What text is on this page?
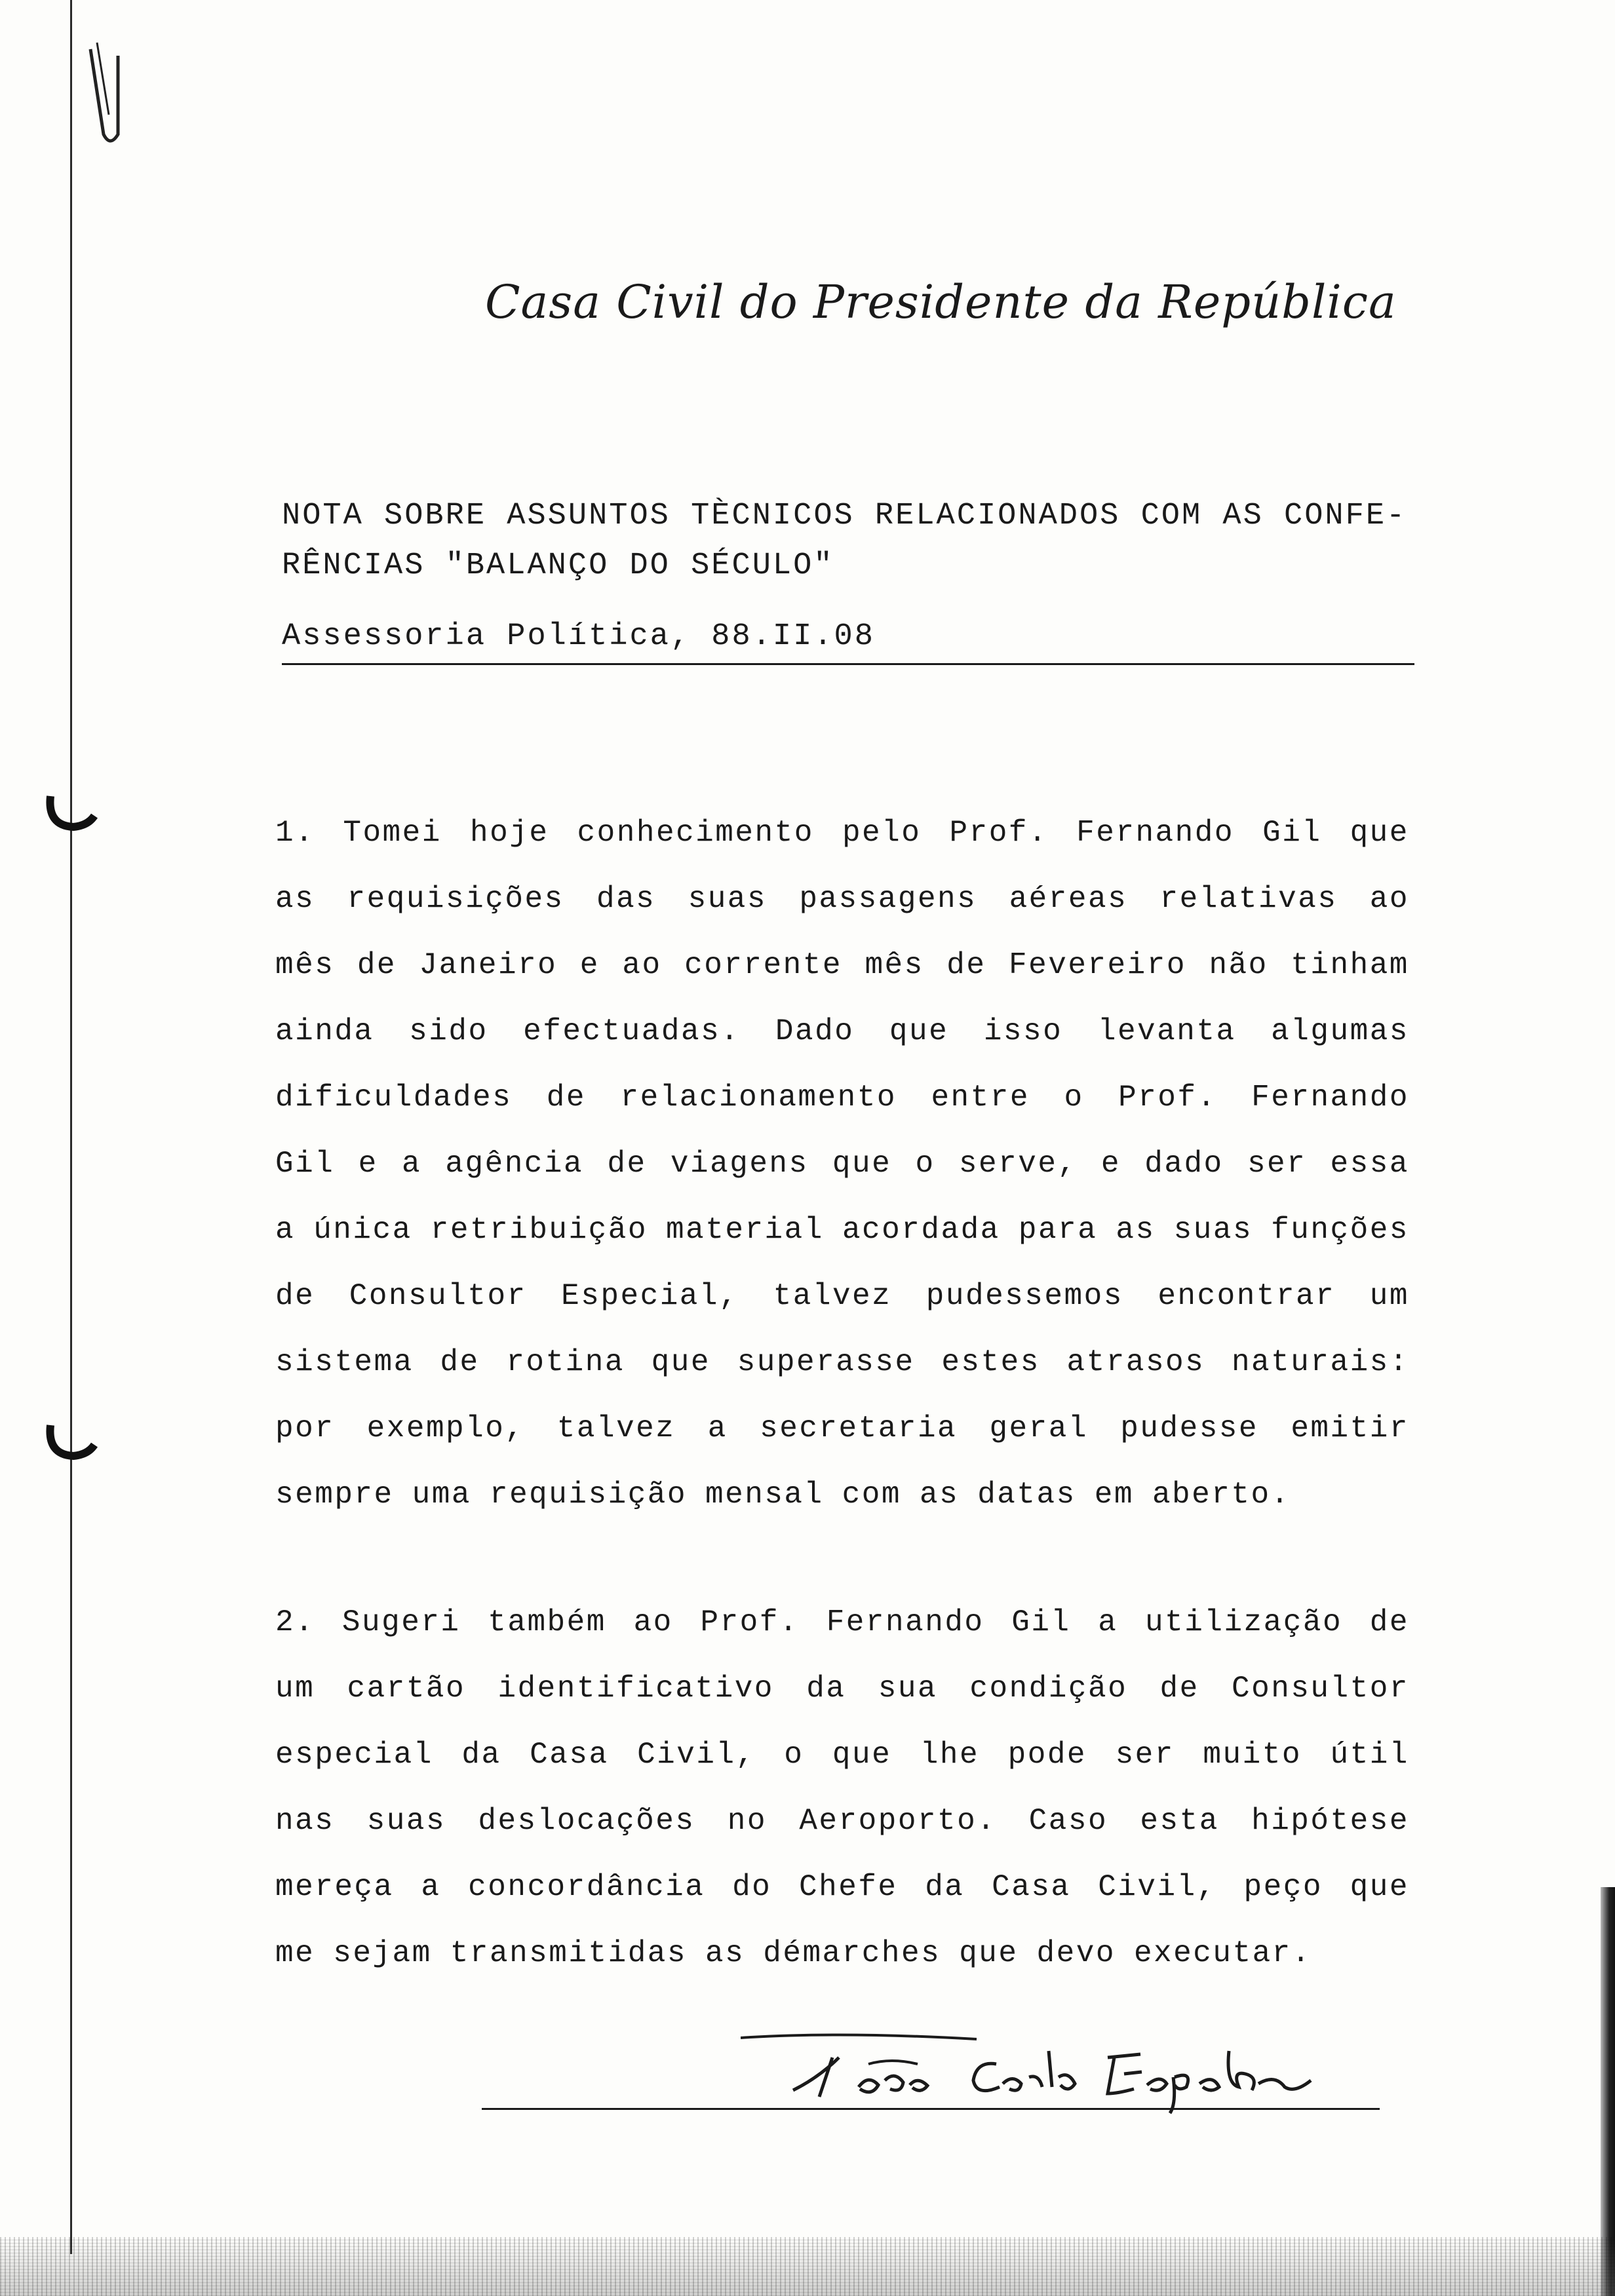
Casa Civil do Presidente da República
NOTA SOBRE ASSUNTOS TÈCNICOS RELACIONADOS COM AS CONFE-
RÊNCIAS "BALANÇO DO SÉCULO"
Assessoria Política, 88.II.08
1. Tomei hoje conhecimento pelo Prof. Fernando Gil que
as requisições das suas passagens aéreas relativas ao
mês de Janeiro e ao corrente mês de Fevereiro não tinham
ainda sido efectuadas. Dado que isso levanta algumas
dificuldades de relacionamento entre o Prof. Fernando
Gil e a agência de viagens que o serve, e dado ser essa
a única retribuição material acordada para as suas funções
de Consultor Especial, talvez pudessemos encontrar um
sistema de rotina que superasse estes atrasos naturais:
por exemplo, talvez a secretaria geral pudesse emitir
sempre uma requisição mensal com as datas em aberto.
2. Sugeri também ao Prof. Fernando Gil a utilização de
um cartão identificativo da sua condição de Consultor
especial da Casa Civil, o que lhe pode ser muito útil
nas suas deslocações no Aeroporto. Caso esta hipótese
mereça a concordância do Chefe da Casa Civil, peço que
me sejam transmitidas as démarches que devo executar.
